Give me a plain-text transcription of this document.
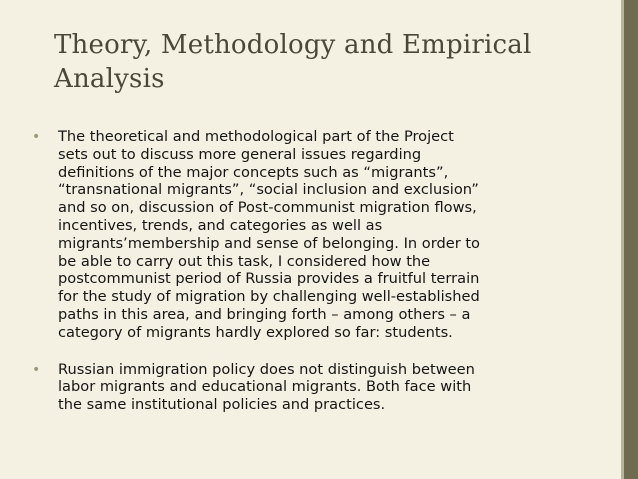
Theory, Methodology and Empirical
Analysis
• The theoretical and methodological part of the Project
sets out to discuss more general issues regarding
definitions of the major concepts such as “migrants”,
“transnational migrants”, “social inclusion and exclusion”
and so on, discussion of Post-communist migration flows,
incentives, trends, and categories as well as
migrants’membership and sense of belonging. In order to
be able to carry out this task, I considered how the
postcommunist period of Russia provides a fruitful terrain
for the study of migration by challenging well-established
paths in this area, and bringing forth – among others – a
category of migrants hardly explored so far: students.
• Russian immigration policy does not distinguish between
labor migrants and educational migrants. Both face with
the same institutional policies and practices.
